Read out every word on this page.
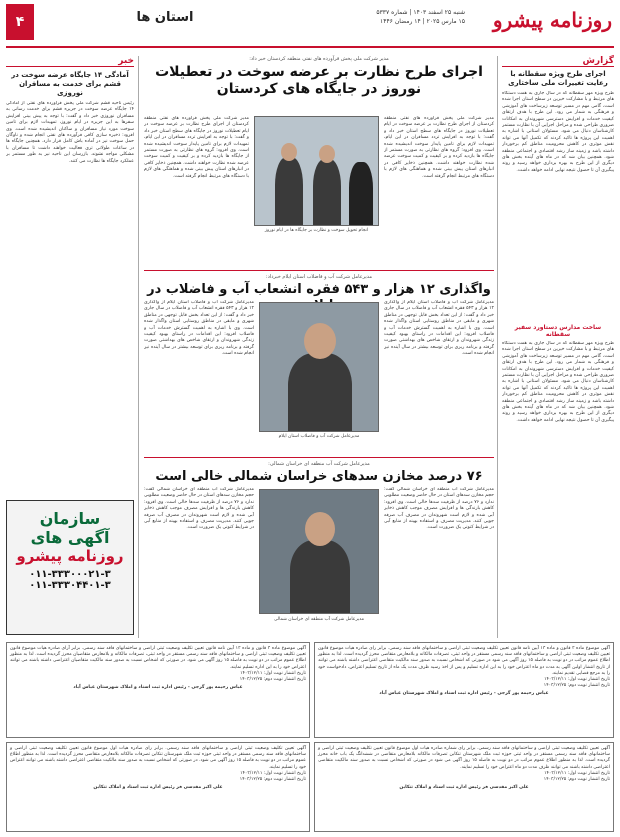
روزنامه پیشرو
شنبه ۲۵ اسفند ۱۴۰۳ | شماره ۵۳۳۷
۱۵ مارس ۲۰۲۵ | ۱۴ رمضان ۱۴۴۶
استان ها
۴
گزارش
اجرای طرح ویژه سقطانه با رعایت تغییرات ملی ساختاری
طرح ویژه مهر سقطانه که در سال جاری به همت دستگاه های مرتبط و با مشارکت خیرین در سطح استان اجرا شده است، گامی مهم در مسیر توسعه زیرساخت های آموزشی و فرهنگی به شمار می رود. این طرح با هدف ارتقای کیفیت خدمات و افزایش دسترسی شهروندان به امکانات ضروری طراحی شده و مراحل اجرایی آن با نظارت مستمر کارشناسان دنبال می شود. مسئولان استانی با اشاره به اهمیت این پروژه ها تاکید کردند که تکمیل آنها می تواند نقش موثری در کاهش محرومیت مناطق کم برخوردار داشته باشد و زمینه ساز رشد اقتصادی و اجتماعی منطقه شود. همچنین بیان شد که در ماه های آینده بخش های دیگری از این طرح به بهره برداری خواهد رسید و روند پیگیری آن تا حصول نتیجه نهایی ادامه خواهد داشت.
ساخت مدارس دستاورد سفیر سقطانه
طرح ویژه مهر سقطانه که در سال جاری به همت دستگاه های مرتبط و با مشارکت خیرین در سطح استان اجرا شده است، گامی مهم در مسیر توسعه زیرساخت های آموزشی و فرهنگی به شمار می رود. این طرح با هدف ارتقای کیفیت خدمات و افزایش دسترسی شهروندان به امکانات ضروری طراحی شده و مراحل اجرایی آن با نظارت مستمر کارشناسان دنبال می شود. مسئولان استانی با اشاره به اهمیت این پروژه ها تاکید کردند که تکمیل آنها می تواند نقش موثری در کاهش محرومیت مناطق کم برخوردار داشته باشد و زمینه ساز رشد اقتصادی و اجتماعی منطقه شود. همچنین بیان شد که در ماه های آینده بخش های دیگری از این طرح به بهره برداری خواهد رسید و روند پیگیری آن تا حصول نتیجه نهایی ادامه خواهد داشت.
خبر
آمادگی ۱۴ جایگاه عرضه سوخت در قشم برای خدمت به مسافران نوروزی
رئیس ناحیه قشم شرکت ملی پخش فرآورده های نفتی از آمادگی ۱۴ جایگاه عرضه سوخت در جزیره قشم برای خدمت رسانی به مسافران نوروزی خبر داد و گفت: با توجه به پیش بینی افزایش سفرها به این جزیره در ایام نوروز، تمهیدات لازم برای تامین سوخت مورد نیاز مسافران و ساکنان اندیشیده شده است. وی افزود: ذخیره سازی کافی فرآورده های نفتی انجام شده و ناوگان حمل سوخت نیز در آماده باش کامل قرار دارد. همچنین جایگاه ها در ساعات طولانی تری فعالیت خواهند داشت تا مسافران با مشکلی مواجه نشوند. بازرسان این ناحیه نیز به طور مستمر بر عملکرد جایگاه ها نظارت می کنند.
سازمان
آگهی های
روزنامه پیشرو
۰۱۱-۳۳۳۰۰۰۲۱-۳
۰۱۱-۳۳۳۰۴۴۰۱-۳
مدیر شرکت ملی پخش فرآورده های نفتی منطقه کردستان خبر داد:
اجرای طرح نظارت بر عرضه سوخت در تعطیلات نوروز در جایگاه های کردستان
مدیر شرکت ملی پخش فرآورده های نفتی منطقه کردستان از اجرای طرح نظارت بر عرضه سوخت در ایام تعطیلات نوروز در جایگاه های سطح استان خبر داد و گفت: با توجه به افزایش تردد مسافران در این ایام، تمهیدات لازم برای تامین پایدار سوخت اندیشیده شده است. وی افزود: گروه های نظارتی به صورت مستمر از جایگاه ها بازدید کرده و بر کیفیت و کمیت سوخت عرضه شده نظارت خواهند داشت. همچنین ذخایر کافی در انبارهای استان پیش بینی شده و هماهنگی های لازم با دستگاه های مرتبط انجام گرفته است.
انجام تحویل سوخت و نظارت بر جایگاه ها در ایام نوروز
مدیر شرکت ملی پخش فرآورده های نفتی منطقه کردستان از اجرای طرح نظارت بر عرضه سوخت در ایام تعطیلات نوروز در جایگاه های سطح استان خبر داد و گفت: با توجه به افزایش تردد مسافران در این ایام، تمهیدات لازم برای تامین پایدار سوخت اندیشیده شده است. وی افزود: گروه های نظارتی به صورت مستمر از جایگاه ها بازدید کرده و بر کیفیت و کمیت سوخت عرضه شده نظارت خواهند داشت. همچنین ذخایر کافی در انبارهای استان پیش بینی شده و هماهنگی های لازم با دستگاه های مرتبط انجام گرفته است.
مدیرعامل شرکت آب و فاضلاب استان ایلام خبرداد:
واگذاری ۱۲ هزار و ۵۴۳ فقره انشعاب آب و فاضلاب در
مدیرعامل شرکت آب و فاضلاب استان ایلام از واگذاری ۱۲ هزار و ۵۴۳ فقره انشعاب آب و فاضلاب در سال جاری خبر داد و گفت: از این تعداد بخش قابل توجهی در مناطق شهری و مابقی در مناطق روستایی استان واگذار شده است. وی با اشاره به اهمیت گسترش خدمات آب و فاضلاب افزود: این اقدامات در راستای بهبود کیفیت زندگی شهروندان و ارتقای شاخص های بهداشتی صورت گرفته و برنامه ریزی برای توسعه بیشتر در سال آینده نیز انجام شده است.
مدیرعامل شرکت آب و فاضلاب استان ایلام
مدیرعامل شرکت آب و فاضلاب استان ایلام از واگذاری ۱۲ هزار و ۵۴۳ فقره انشعاب آب و فاضلاب در سال جاری خبر داد و گفت: از این تعداد بخش قابل توجهی در مناطق شهری و مابقی در مناطق روستایی استان واگذار شده است. وی با اشاره به اهمیت گسترش خدمات آب و فاضلاب افزود: این اقدامات در راستای بهبود کیفیت زندگی شهروندان و ارتقای شاخص های بهداشتی صورت گرفته و برنامه ریزی برای توسعه بیشتر در سال آینده نیز انجام شده است.
مدیرعامل شرکت آب منطقه ای خراسان شمالی:
۷۶ درصد مخازن سدهای خراسان شمالی خالی است
مدیرعامل شرکت آب منطقه ای خراسان شمالی گفت: حجم مخازن سدهای استان در حال حاضر وضعیت مطلوبی ندارد و ۷۶ درصد از ظرفیت سدها خالی است. وی افزود: کاهش بارندگی ها و افزایش مصرف موجب کاهش ذخایر آبی شده و لازم است شهروندان در مصرف آب صرفه جویی کنند. مدیریت مصرف و استفاده بهینه از منابع آبی در شرایط کنونی یک ضرورت است.
مدیرعامل شرکت آب منطقه ای خراسان شمالی
مدیرعامل شرکت آب منطقه ای خراسان شمالی گفت: حجم مخازن سدهای استان در حال حاضر وضعیت مطلوبی ندارد و ۷۶ درصد از ظرفیت سدها خالی است. وی افزود: کاهش بارندگی ها و افزایش مصرف موجب کاهش ذخایر آبی شده و لازم است شهروندان در مصرف آب صرفه جویی کنند. مدیریت مصرف و استفاده بهینه از منابع آبی در شرایط کنونی یک ضرورت است.
آگهی موضوع ماده ۳ قانون و ماده ۱۳ آیین نامه قانون تعیین تکلیف وضعیت ثبتی اراضی و ساختمانهای فاقد سند رسمی. برابر رای صادره هیات موضوع قانون تعیین تکلیف وضعیت ثبتی اراضی و ساختمانهای فاقد سند رسمی مستقر در واحد ثبتی، تصرفات مالکانه و بلامعارض متقاضی محرز گردیده است. لذا به منظور اطلاع عموم مراتب در دو نوبت به فاصله ۱۵ روز آگهی می شود در صورتی که اشخاص نسبت به صدور سند مالکیت متقاضی اعتراضی داشته باشند می توانند از تاریخ انتشار اولین آگهی به مدت دو ماه اعتراض خود را به این اداره تسلیم و پس از اخذ رسید ظرف مدت یک ماه از تاریخ تسلیم اعتراض، دادخواست خود را به مرجع قضایی تقدیم نمایند.
تاریخ انتشار نوبت اول: ۱۴۰۳/۱۲/۱۱
تاریخ انتشار نوبت دوم: ۱۴۰۳/۱۲/۲۵
عباس رحیمه پور گرجی - رئیس اداره ثبت اسناد و املاک شهرستان عباس آباد
آگهی موضوع ماده ۳ قانون و ماده ۱۳ آیین نامه قانون تعیین تکلیف وضعیت ثبتی اراضی و ساختمانهای فاقد سند رسمی. برابر آرای صادره هیات موضوع قانون تعیین تکلیف وضعیت ثبتی اراضی و ساختمانهای فاقد سند رسمی مستقر در واحد ثبتی، تصرفات مالکانه و بلامعارض متقاضیان محرز گردیده است. لذا به منظور اطلاع عموم مراتب در دو نوبت به فاصله ۱۵ روز آگهی می شود. در صورتی که اشخاص نسبت به صدور سند مالکیت متقاضیان اعتراضی داشته باشند می توانند اعتراض خود را به این اداره تسلیم نمایند.
تاریخ انتشار نوبت اول: ۱۴۰۳/۱۲/۱۱
تاریخ انتشار نوبت دوم: ۱۴۰۳/۱۲/۲۵
عباس رحیمه پور گرجی - رئیس اداره ثبت اسناد و املاک شهرستان عباس آباد
آگهی تعیین تکلیف وضعیت ثبتی اراضی و ساختمانهای فاقد سند رسمی. برابر رای شماره صادره هیات اول موضوع قانون تعیین تکلیف وضعیت ثبتی اراضی و ساختمانهای فاقد سند رسمی مستقر در واحد ثبتی حوزه ثبت ملک شهرستان تنکابن تصرفات مالکانه بلامعارض متقاضی در ششدانگ یک باب خانه محرز گردیده است. لذا به منظور اطلاع عموم مراتب در دو نوبت به فاصله ۱۵ روز آگهی می شود در صورتی که اشخاص نسبت به صدور سند مالکیت متقاضی اعتراضی داشته باشند می توانند ظرف مدت دو ماه اعتراض خود را تسلیم نمایند.
تاریخ انتشار نوبت اول: ۱۴۰۳/۱۲/۱۱
تاریخ انتشار نوبت دوم: ۱۴۰۳/۱۲/۲۵
علی اکبر مقدسی فر رئیس اداره ثبت اسناد و املاک تنکابن
آگهی تعیین تکلیف وضعیت ثبتی اراضی و ساختمانهای فاقد سند رسمی. برابر رای صادره هیات اول موضوع قانون تعیین تکلیف وضعیت ثبتی اراضی و ساختمانهای فاقد سند رسمی مستقر در واحد ثبتی حوزه ثبت ملک شهرستان تنکابن تصرفات مالکانه بلامعارض متقاضی محرز گردیده است. لذا به منظور اطلاع عموم مراتب در دو نوبت به فاصله ۱۵ روز آگهی می شود. در صورتی که اشخاص نسبت به صدور سند مالکیت متقاضی اعتراضی داشته باشند می توانند اعتراض خود را تسلیم نمایند.
تاریخ انتشار نوبت اول: ۱۴۰۳/۱۲/۱۱
تاریخ انتشار نوبت دوم: ۱۴۰۳/۱۲/۲۵
علی اکبر مقدسی فر رئیس اداره ثبت اسناد و املاک تنکابن
